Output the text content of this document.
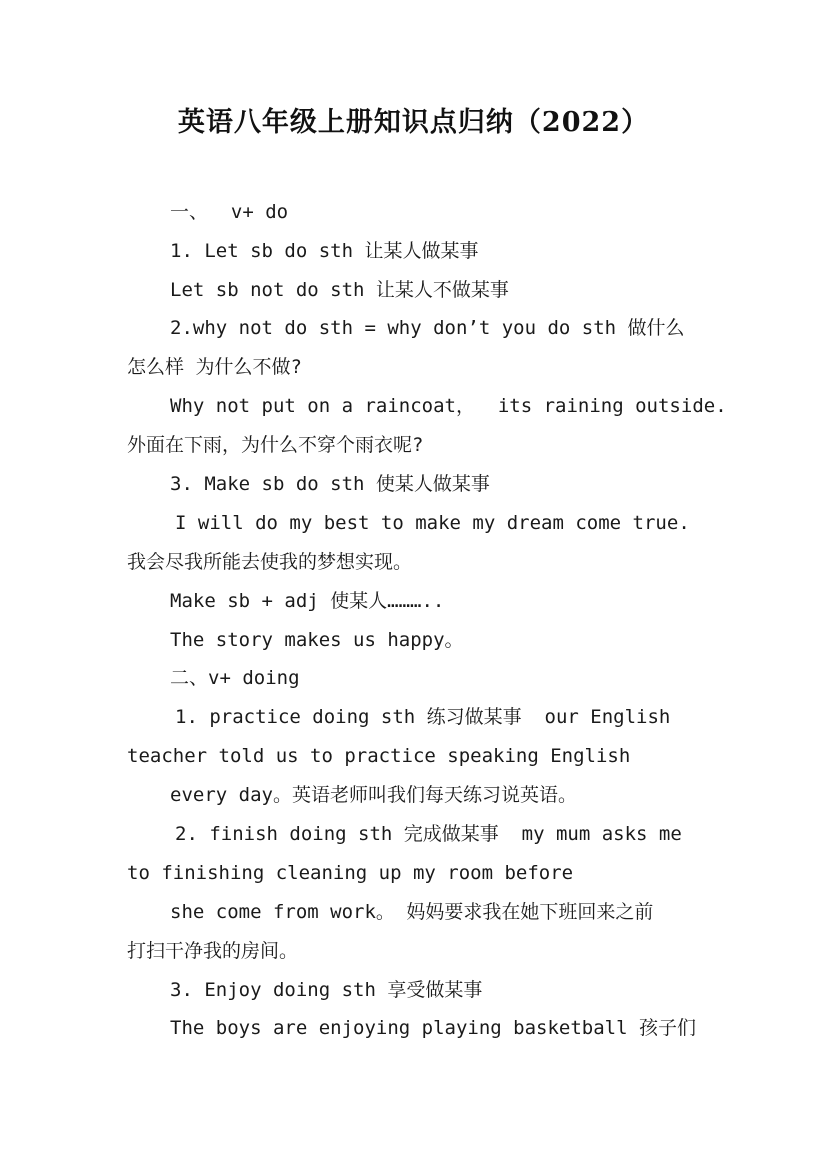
英语八年级上册知识点归纳（2022）
一、  v+ do
1. Let sb do sth 让某人做某事
Let sb not do sth 让某人不做某事
2.why not do sth = why don’t you do sth 做什么
怎么样 为什么不做?
Why not put on a raincoat，  its raining outside.
外面在下雨，为什么不穿个雨衣呢?
3. Make sb do sth 使某人做某事
I will do my best to make my dream come true.
我会尽我所能去使我的梦想实现。
Make sb + adj 使某人………..
The story makes us happy。
二、v+ doing
1. practice doing sth 练习做某事  our English
teacher told us to practice speaking English
every day。英语老师叫我们每天练习说英语。
2. finish doing sth 完成做某事  my mum asks me
to finishing cleaning up my room before
she come from work。 妈妈要求我在她下班回来之前
打扫干净我的房间。
3. Enjoy doing sth 享受做某事
The boys are enjoying playing basketball 孩子们
